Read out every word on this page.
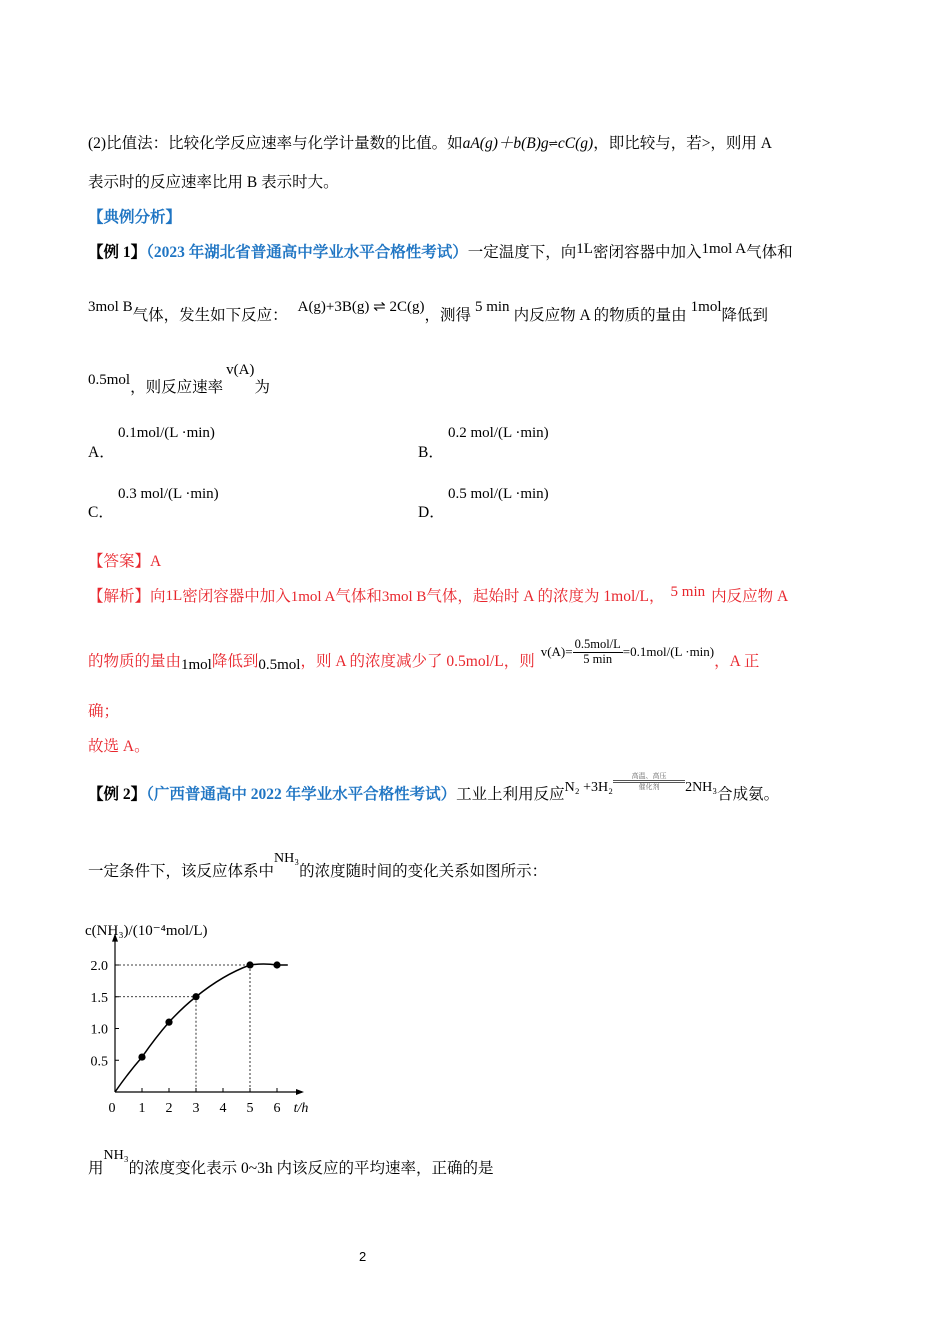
(2)比值法：比较化学反应速率与化学计量数的比值。如aA(g)＋b(B)g⇌cC(g)，即比较与，若>，则用 A
表示时的反应速率比用 B 表示时大。
【典例分析】
【例 1】（2023 年湖北省普通高中学业水平合格性考试）一定温度下，向1L密闭容器中加入1mol A气体和
3mol B气体，发生如下反应： A(g)+3B(g) ⇌ 2C(g)，测得 5 min 内反应物 A 的物质的量由 1mol降低到
0.5mol，则反应速率v(A)为
A．
0.1mol/(L ·min)
B．
0.2 mol/(L ·min)
C．
0.3 mol/(L ·min)
D．
0.5 mol/(L ·min)
【答案】A
【解析】向1L密闭容器中加入1mol A气体和3mol B气体，起始时 A 的浓度为 1mol/L， 5 min 内反应物 A
的物质的量由1mol降低到0.5mol，则 A 的浓度减少了 0.5mol/L，则$_{v(A)=} \frac{\text{0.5mol/L}}{5 \min} _{=0.1mol/(L \cdot min)}$，A 正
确；
故选 A。
【例 2】（广西普通高中 2022 年学业水平合格性考试）工业上利用反应N₂ +3H₂
高温、高压
催化剂	2NH₃合成氨。
一定条件下，该反应体系中NH₃的浓度随时间的变化关系如图所示：
0.5
1.0
1.5
2.0
0 1 2 3 4 5 6 t/h
c(NH₃)/(10⁻⁴mol/L)
用NH₃的浓度变化表示 0~3h 内该反应的平均速率，正确的是
2
